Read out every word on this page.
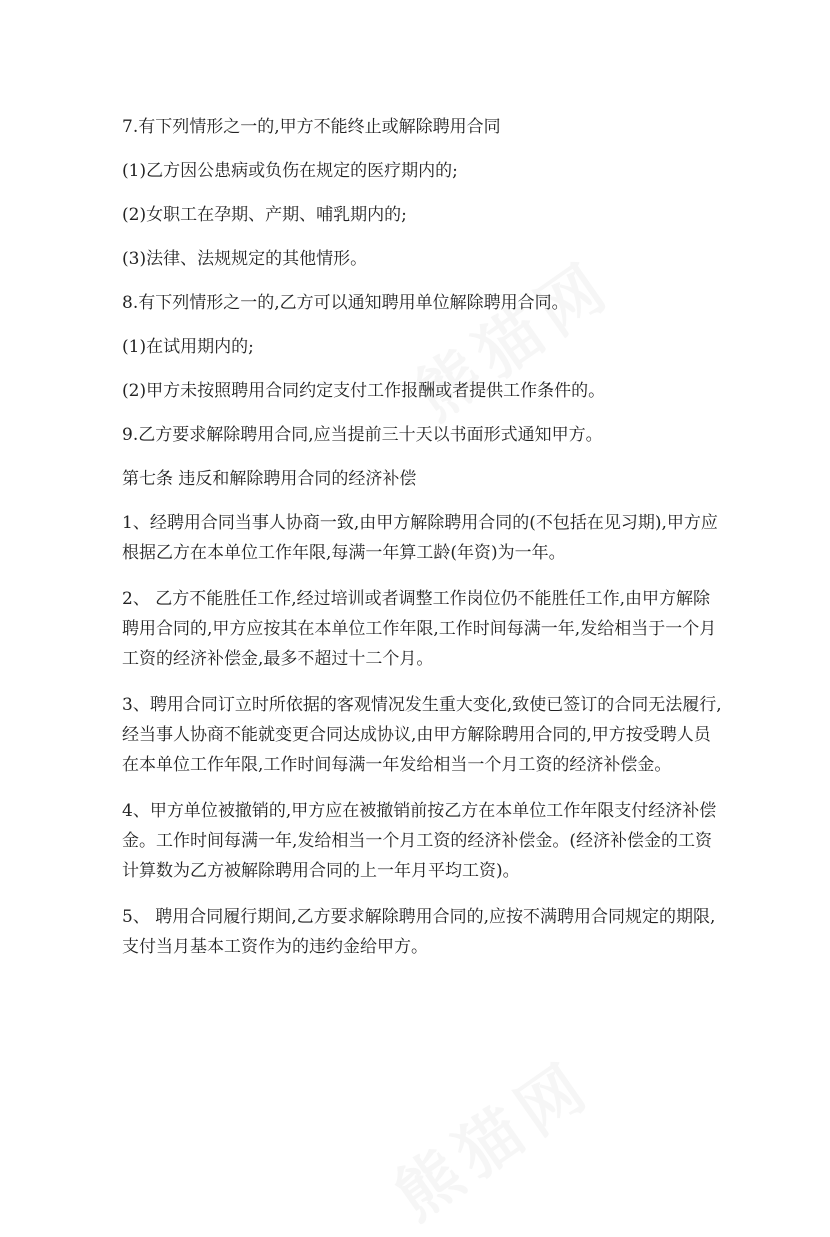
7.有下列情形之一的,甲方不能终止或解除聘用合同

(1)乙方因公患病或负伤在规定的医疗期内的;

(2)女职工在孕期、产期、哺乳期内的;

(3)法律、法规规定的其他情形。

8.有下列情形之一的,乙方可以通知聘用单位解除聘用合同。

(1)在试用期内的;

(2)甲方未按照聘用合同约定支付工作报酬或者提供工作条件的。

9.乙方要求解除聘用合同,应当提前三十天以书面形式通知甲方。

第七条 违反和解除聘用合同的经济补偿

1、经聘用合同当事人协商一致,由甲方解除聘用合同的(不包括在见习期),甲方应根据乙方在本单位工作年限,每满一年算工龄(年资)为一年。

2、 乙方不能胜任工作,经过培训或者调整工作岗位仍不能胜任工作,由甲方解除聘用合同的,甲方应按其在本单位工作年限,工作时间每满一年,发给相当于一个月工资的经济补偿金,最多不超过十二个月。

3、聘用合同订立时所依据的客观情况发生重大变化,致使已签订的合同无法履行,经当事人协商不能就变更合同达成协议,由甲方解除聘用合同的,甲方按受聘人员在本单位工作年限,工作时间每满一年发给相当一个月工资的经济补偿金。

4、甲方单位被撤销的,甲方应在被撤销前按乙方在本单位工作年限支付经济补偿金。工作时间每满一年,发给相当一个月工资的经济补偿金。(经济补偿金的工资计算数为乙方被解除聘用合同的上一年月平均工资)。

5、 聘用合同履行期间,乙方要求解除聘用合同的,应按不满聘用合同规定的期限,支付当月基本工资作为的违约金给甲方。
